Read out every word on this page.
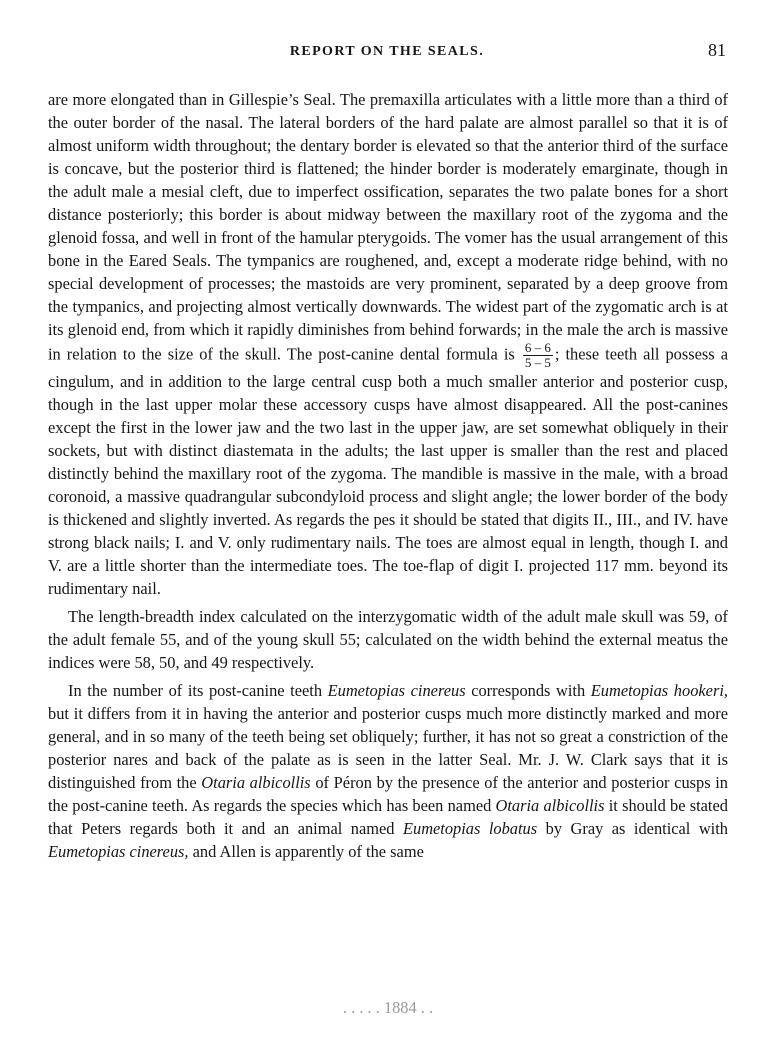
REPORT ON THE SEALS.	81

are more elongated than in Gillespie’s Seal. The premaxilla articulates with a little more than a third of the outer border of the nasal. The lateral borders of the hard palate are almost parallel so that it is of almost uniform width throughout; the dentary border is elevated so that the anterior third of the surface is concave, but the posterior third is flattened; the hinder border is moderately emarginate, though in the adult male a mesial cleft, due to imperfect ossification, separates the two palate bones for a short distance posteriorly; this border is about midway between the maxillary root of the zygoma and the glenoid fossa, and well in front of the hamular pterygoids. The vomer has the usual arrangement of this bone in the Eared Seals. The tympanics are roughened, and, except a moderate ridge behind, with no special development of processes; the mastoids are very prominent, separated by a deep groove from the tympanics, and projecting almost vertically downwards. The widest part of the zygomatic arch is at its glenoid end, from which it rapidly diminishes from behind forwards; in the male the arch is massive in relation to the size of the skull. The post-canine dental formula is $\frac{6 - 6}{5 - 5}$ ; these teeth all possess a cingulum, and in addition to the large central cusp both a much smaller anterior and posterior cusp, though in the last upper molar these accessory cusps have almost disappeared. All the post-canines except the first in the lower jaw and the two last in the upper jaw, are set somewhat obliquely in their sockets, but with distinct diastemata in the adults; the last upper is smaller than the rest and placed distinctly behind the maxillary root of the zygoma. The mandible is massive in the male, with a broad coronoid, a massive quadrangular subcondyloid process and slight angle; the lower border of the body is thickened and slightly inverted. As regards the pes it should be stated that digits II., III., and IV. have strong black nails; I. and V. only rudimentary nails. The toes are almost equal in length, though I. and V. are a little shorter than the intermediate toes. The toe-flap of digit I. projected 117 mm. beyond its rudimentary nail.

The length-breadth index calculated on the interzygomatic width of the adult male skull was 59, of the adult female 55, and of the young skull 55; calculated on the width behind the external meatus the indices were 58, 50, and 49 respectively.

In the number of its post-canine teeth Eumetopias cinereus corresponds with Eumetopias hookeri, but it differs from it in having the anterior and posterior cusps much more distinctly marked and more general, and in so many of the teeth being set obliquely; further, it has not so great a constriction of the posterior nares and back of the palate as is seen in the latter Seal. Mr. J. W. Clark says that it is distinguished from the Otaria albicollis of Péron by the presence of the anterior and posterior cusps in the post-canine teeth. As regards the species which has been named Otaria albicollis it should be stated that Peters regards both it and an animal named Eumetopias lobatus by Gray as identical with Eumetopias cinereus, and Allen is apparently of the same

. . . . . 1884 . .
